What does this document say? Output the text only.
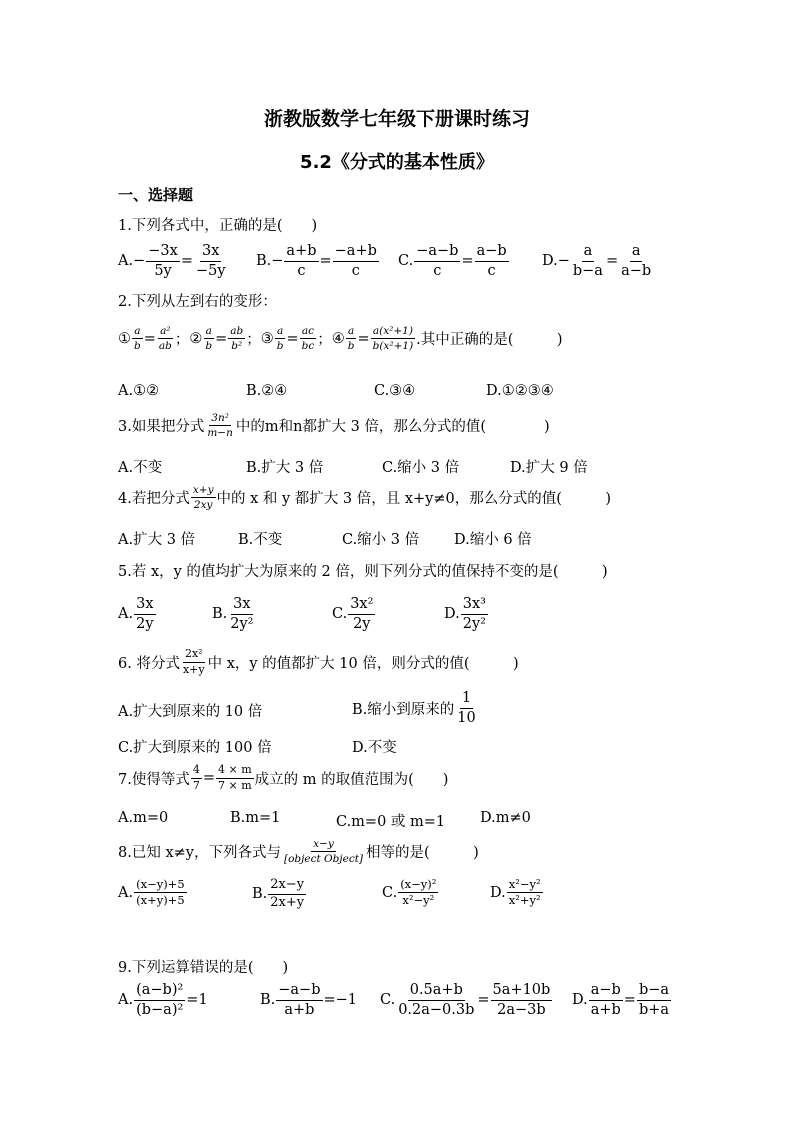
浙教版数学七年级下册课时练习
5.2《分式的基本性质》
一、选择题
1.下列各式中，正确的是(　　)
A. − $\frac{-3x}{5y} = \frac{3x}{-5y} B$. − $\frac{a+b}{c} = \frac{-a+b}{c} C$. $\frac{-a-b}{c} = \frac{a-b}{c} D$. − $\frac{a}{b-a} = \frac{a}{a-b}$
2.下列从左到右的变形：
① $\frac{a}{b} = \frac{\text{a²}}{ab}$ ； ② $\frac{a}{b} = \frac{ab}{\text{b²}}$ ； ③ $\frac{a}{b} = \frac{ac}{bc}$ ； ④ $\frac{a}{b} = \frac{\text{a(x²+1)}}{\text{b(x²+1)}}$ .其中正确的是(　　　)
A.①②	B.②④	C.③④	D.①②③④
3.如果把分式 $\frac{\text{3n²}}{m-n}$ 中的m和n都扩大 3 倍，那么分式的值(　　　　)
A.不变	B.扩大 3 倍	C.缩小 3 倍	D.扩大 9 倍
4.若把分式 $\frac{x+y}{2xy}$ 中的 x 和 y 都扩大 3 倍，且 x+y≠0，那么分式的值(　　　)
A.扩大 3 倍	B.不变	C.缩小 3 倍 D.缩小 6 倍
5.若 x，y 的值均扩大为原来的 2 倍，则下列分式的值保持不变的是(　　　)
A. $\frac{3x}{2y}$	B. $\frac{3x}{\text{2y²}}$	C. $\frac{\text{3x²}}{2y}$	D. $\frac{\text{3x³}}{\text{2y²}}$
6. 将分式 $\frac{\text{2x²}}{x+y}$ 中 x，y 的值都扩大 10 倍，则分式的值(　　　)
A.扩大到原来的 10 倍	B.缩小到原来的 $\frac{1}{10}$
C.扩大到原来的 100 倍	D.不变
7.使得等式 $\frac{4}{7} = \frac{4 \times m}{7 \times m}$ 成立的 m 的取值范围为(　　)
A.m=0	B.m=1	C.m=0 或 m=1 D.m≠0
8.已知 x≠y，下列各式与 $\frac{x-y}{\text{[object Object]}}$ 相等的是(　　　)
A. $\frac{(x-y)+5}{(x+y)+5}$	B. $\frac{2x-y}{2x+y}$	C. $\frac{\text{(x−y)²}}{\text{x²−y²}}$	D. $\frac{\text{x²−y²}}{\text{x²+y²}}$
9.下列运算错误的是(　　)
A. $\frac{\text{(a−b)²}}{\text{(b−a)²}} =1$	B. $\frac{-a-b}{a+b} =-1$ C. $\frac{0.5a+b}{0.2a-0.3b} = \frac{5a+10b}{2a-3b} D$. $\frac{a-b}{a+b} = \frac{b-a}{b+a}$
